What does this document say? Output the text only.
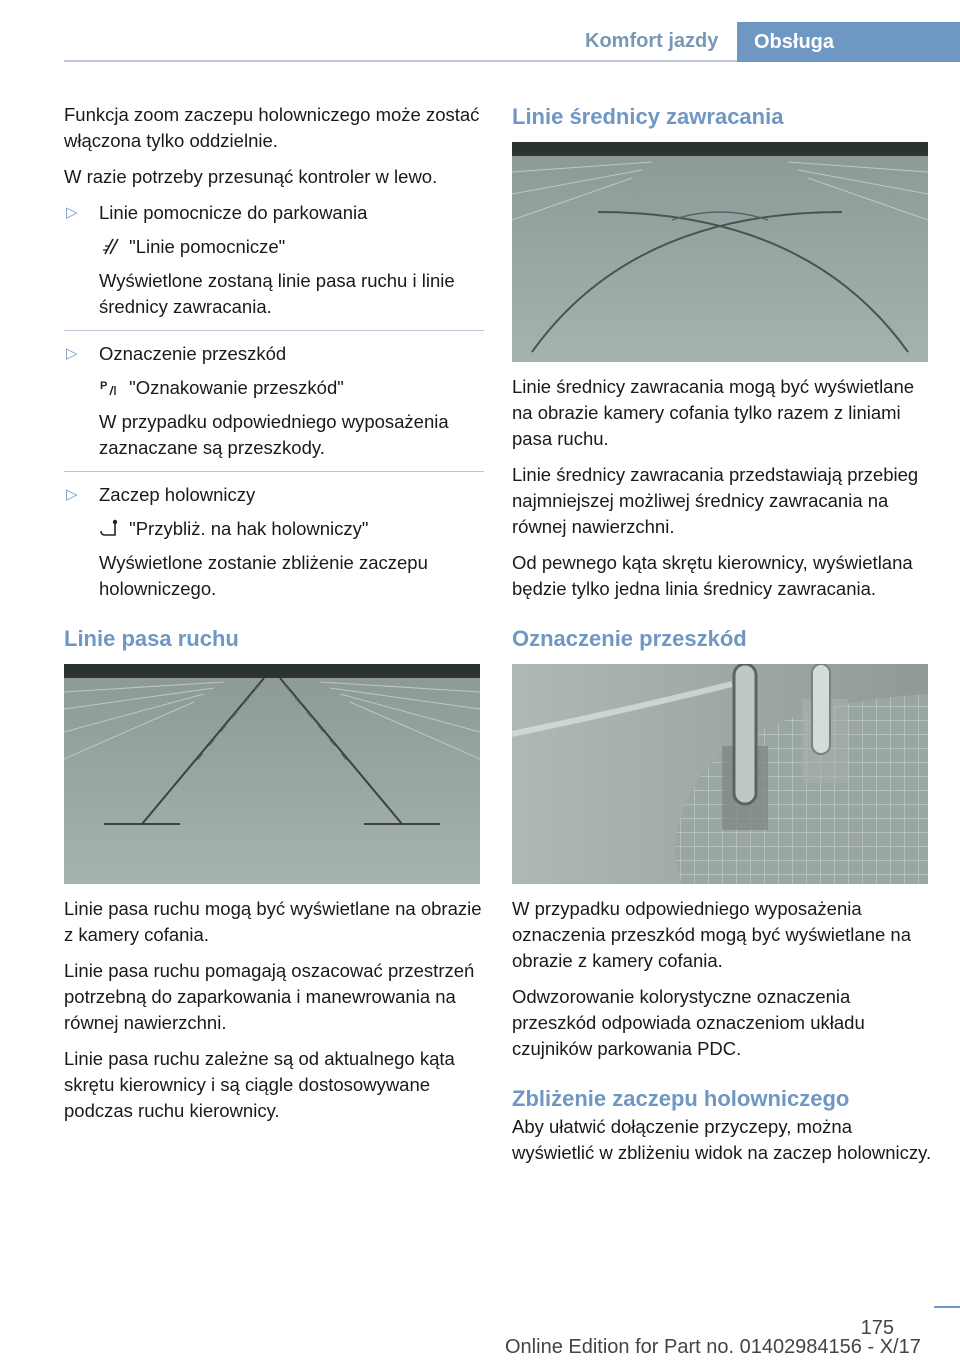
Komfort jazdy	Obsługa

Funkcja zoom zaczepu holowniczego może zostać włączona tylko oddzielnie.

W razie potrzeby przesunąć kontroler w lewo.

▷ Linie pomocnicze do parkowania
"Linie pomocnicze"
Wyświetlone zostaną linie pasa ruchu i linie średnicy zawracania.
▷ Oznaczenie przeszkód
P "Oznakowanie przeszkód"
W przypadku odpowiedniego wyposażenia zaznaczane są przeszkody.
▷ Zaczep holowniczy
"Przybliż. na hak holowniczy"
Wyświetlone zostanie zbliżenie zaczepu holowniczego.
Linie pasa ruchu

Linie pasa ruchu mogą być wyświetlane na obrazie z kamery cofania.

Linie pasa ruchu pomagają oszacować przestrzeń potrzebną do zaparkowania i manewrowania na równej nawierzchni.

Linie pasa ruchu zależne są od aktualnego kąta skrętu kierownicy i są ciągle dostosowywane podczas ruchu kierownicy.

Linie średnicy zawracania

Linie średnicy zawracania mogą być wyświetlane na obrazie kamery cofania tylko razem z liniami pasa ruchu.

Linie średnicy zawracania przedstawiają przebieg najmniejszej możliwej średnicy zawracania na równej nawierzchni.

Od pewnego kąta skrętu kierownicy, wyświetlana będzie tylko jedna linia średnicy zawracania.

Oznaczenie przeszkód

W przypadku odpowiedniego wyposażenia oznaczenia przeszkód mogą być wyświetlane na obrazie z kamery cofania.

Odwzorowanie kolorystyczne oznaczenia przeszkód odpowiada oznaczeniom układu czujników parkowania PDC.

Zbliżenie zaczepu holowniczego

Aby ułatwić dołączenie przyczepy, można wyświetlić w zbliżeniu widok na zaczep holowniczy.

175
Online Edition for Part no. 01402984156 - X/17
